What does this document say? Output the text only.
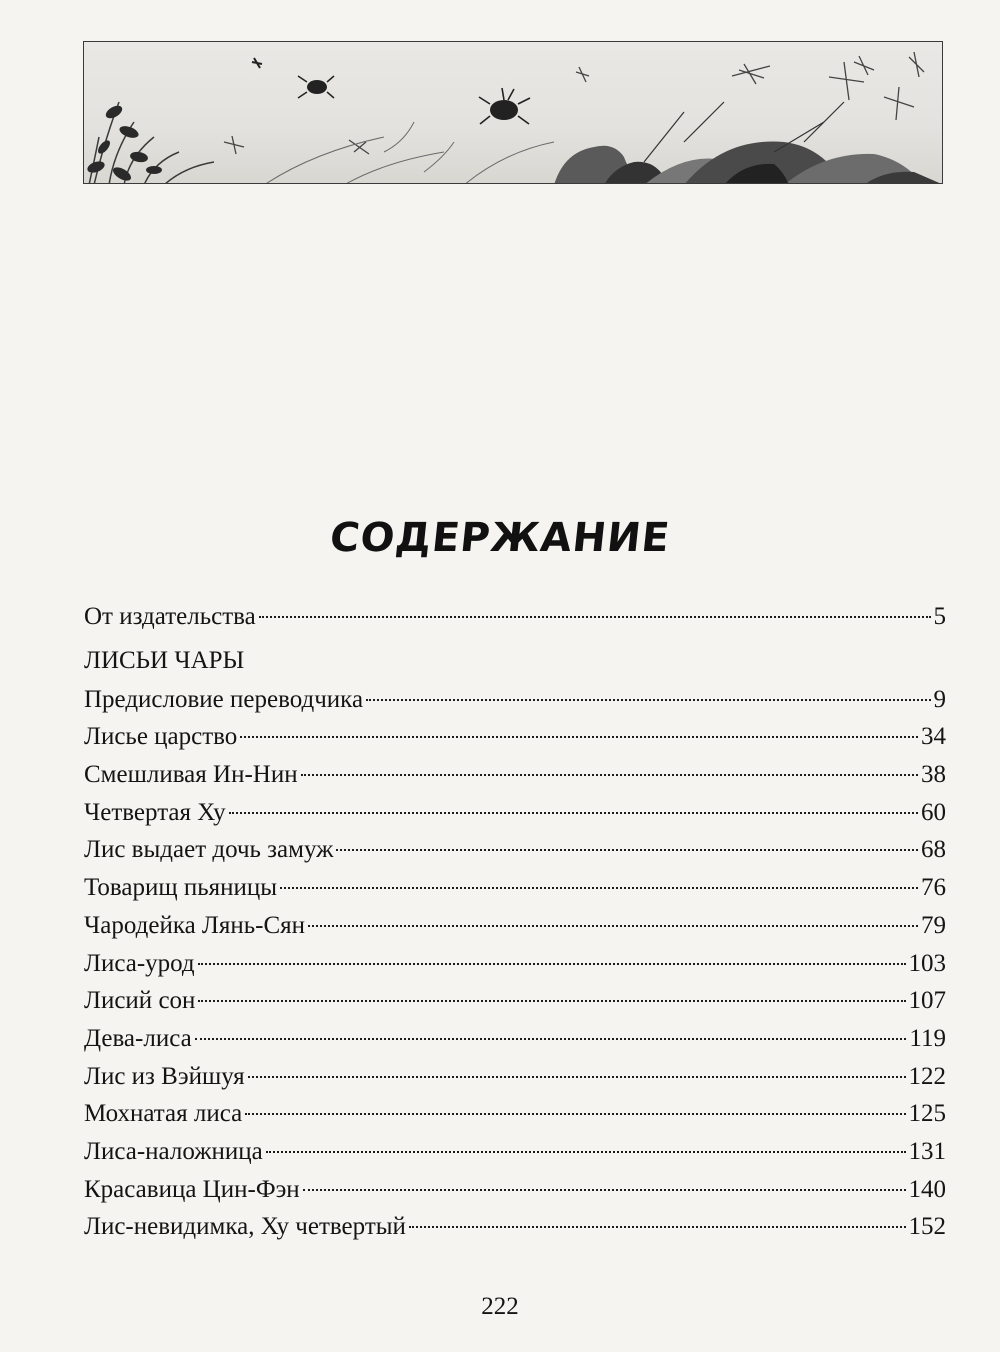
СОДЕРЖАНИЕ
От издательства	5
ЛИСЬИ ЧАРЫ
Предисловие переводчика	9
Лисье царство	34
Смешливая Ин-Нин	38
Четвертая Ху	60
Лис выдает дочь замуж	68
Товарищ пьяницы	76
Чародейка Лянь-Сян	79
Лиса-урод	103
Лисий сон	107
Дева-лиса	119
Лис из Вэйшуя	122
Мохнатая лиса	125
Лиса-наложница	131
Красавица Цин-Фэн	140
Лис-невидимка, Ху четвертый	152
222
